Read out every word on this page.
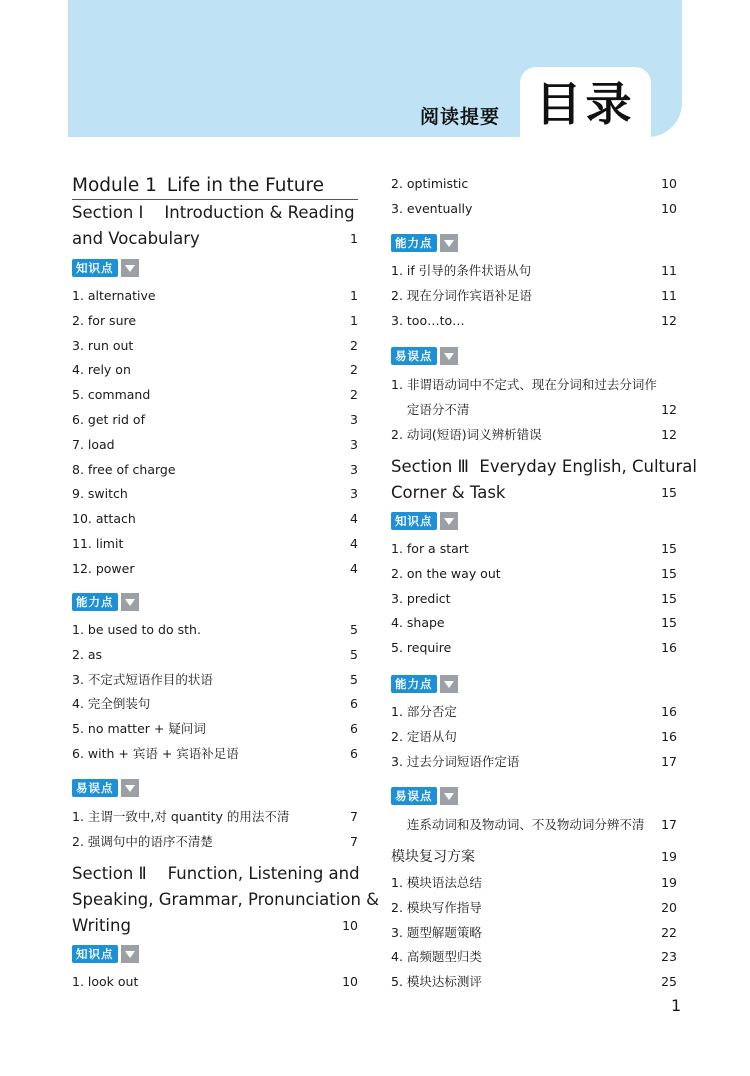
目录
阅读提要
Module 1 Life in the Future
Section Ⅰ    Introduction & Reading
and Vocabulary	1
知识点
1. alternative	1
2. for sure	1
3. run out	2
4. rely on	2
5. command	2
6. get rid of	3
7. load	3
8. free of charge	3
9. switch	3
10. attach	4
11. limit	4
12. power	4
能力点
1. be used to do sth.	5
2. as	5
3. 不定式短语作目的状语	5
4. 完全倒装句	6
5. no matter + 疑问词	6
6. with + 宾语 + 宾语补足语	6
易误点
1. 主谓一致中,对 quantity 的用法不清	7
2. 强调句中的语序不清楚	7
Section Ⅱ    Function, Listening and
Speaking, Grammar, Pronunciation &
Writing	10
知识点
1. look out	10
2. optimistic	10
3. eventually	10
能力点
1. if 引导的条件状语从句	11
2. 现在分词作宾语补足语	11
3. too…to…	12
易误点
1. 非谓语动词中不定式、现在分词和过去分词作
定语分不清	12
2. 动词(短语)词义辨析错误	12
Section Ⅲ  Everyday English, Cultural
Corner & Task	15
知识点
1. for a start	15
2. on the way out	15
3. predict	15
4. shape	15
5. require	16
能力点
1. 部分否定	16
2. 定语从句	16
3. 过去分词短语作定语	17
易误点
连系动词和及物动词、不及物动词分辨不清 17
模块复习方案	19
1. 模块语法总结	19
2. 模块写作指导	20
3. 题型解题策略	22
4. 高频题型归类	23
5. 模块达标测评	25
1
